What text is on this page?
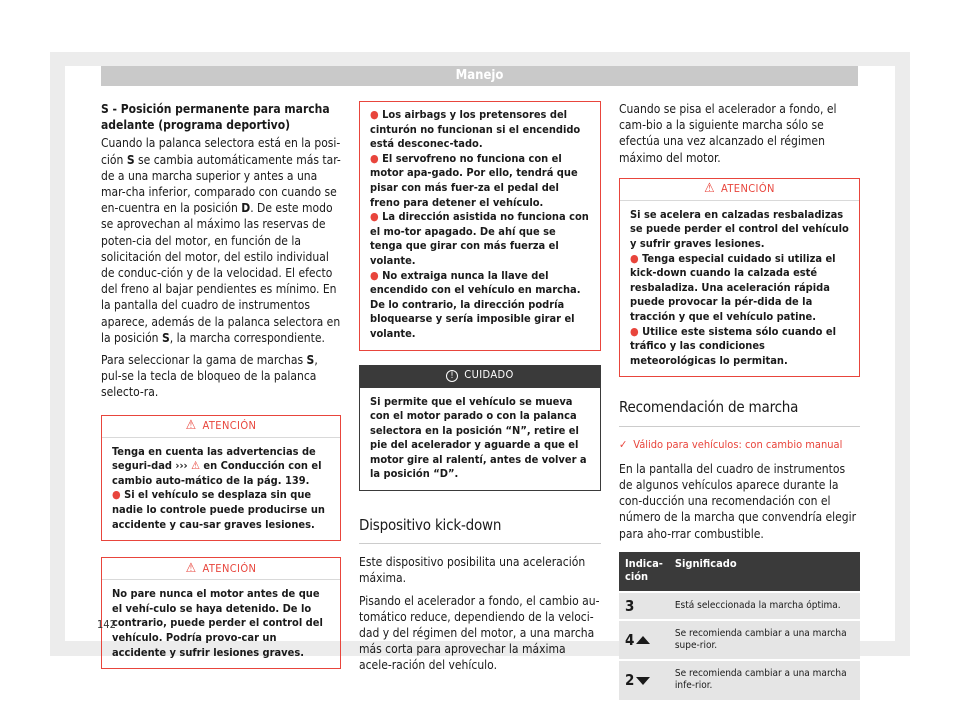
Manejo
S - Posición permanente para marcha
adelante (programa deportivo)

Cuando la palanca selectora está en la posi-ción S se cambia automáticamente más tar-de a una marcha superior y antes a una mar-cha inferior, comparado con cuando se en-cuentra en la posición D. De este modo se aprovechan al máximo las reservas de poten-cia del motor, en función de la solicitación del motor, del estilo individual de conduc-ción y de la velocidad. El efecto del freno al bajar pendientes es mínimo. En la pantalla del cuadro de instrumentos aparece, además de la palanca selectora en la posición S, la marcha correspondiente.

Para seleccionar la gama de marchas S, pul-se la tecla de bloqueo de la palanca selecto-ra.

⚠ ATENCIÓN
Tenga en cuenta las advertencias de seguri-dad ››› ⚠ en Conducción con el cambio auto-mático de la pág. 139.
● Si el vehículo se desplaza sin que nadie lo controle puede producirse un accidente y cau-sar graves lesiones.
⚠ ATENCIÓN
No pare nunca el motor antes de que el vehí-culo se haya detenido. De lo contrario, puede perder el control del vehículo. Podría provo-car un accidente y sufrir lesiones graves.
● Los airbags y los pretensores del cinturón no funcionan si el encendido está desconec-tado.
● El servofreno no funciona con el motor apa-gado. Por ello, tendrá que pisar con más fuer-za el pedal del freno para detener el vehículo.
● La dirección asistida no funciona con el mo-tor apagado. De ahí que se tenga que girar con más fuerza el volante.
● No extraiga nunca la llave del encendido con el vehículo en marcha. De lo contrario, la dirección podría bloquearse y sería imposible girar el volante.
! CUIDADO
Si permite que el vehículo se mueva con el motor parado o con la palanca selectora en la posición “N”, retire el pie del acelerador y aguarde a que el motor gire al ralentí, antes de volver a la posición “D”.
Dispositivo kick-down

Este dispositivo posibilita una aceleración máxima.

Pisando el acelerador a fondo, el cambio au-tomático reduce, dependiendo de la veloci-dad y del régimen del motor, a una marcha más corta para aprovechar la máxima acele-ración del vehículo.

Cuando se pisa el acelerador a fondo, el cam-bio a la siguiente marcha sólo se efectúa una vez alcanzado el régimen máximo del motor.

⚠ ATENCIÓN
Si se acelera en calzadas resbaladizas se puede perder el control del vehículo y sufrir graves lesiones.
● Tenga especial cuidado si utiliza el kick-down cuando la calzada esté resbaladiza. Una aceleración rápida puede provocar la pér-dida de la tracción y que el vehículo patine.
● Utilice este sistema sólo cuando el tráfico y las condiciones meteorológicas lo permitan.
Recomendación de marcha
✓ Válido para vehículos: con cambio manual

En la pantalla del cuadro de instrumentos de algunos vehículos aparece durante la con-ducción una recomendación con el número de la marcha que convendría elegir para aho-rrar combustible.

Indica-ción	Significado
3	Está seleccionada la marcha óptima.
4	Se recomienda cambiar a una marcha supe-rior.
2	Se recomienda cambiar a una marcha infe-rior.
142
